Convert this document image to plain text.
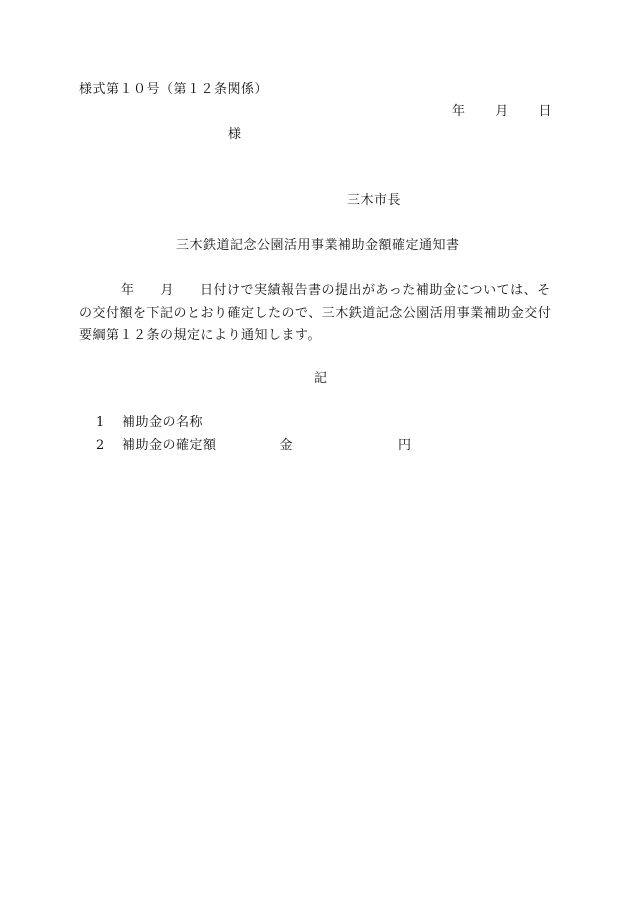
様式第１０号（第１２条関係）
年 月 日
様
三木市長
三木鉄道記念公園活用事業補助金額確定通知書
年 月 日付けで実績報告書の提出があった補助金については、そ
の交付額を下記のとおり確定したので、三木鉄道記念公園活用事業補助金交付
要綱第１２条の規定により通知します。
記
1 補助金の名称
2 補助金の確定額	金	円
